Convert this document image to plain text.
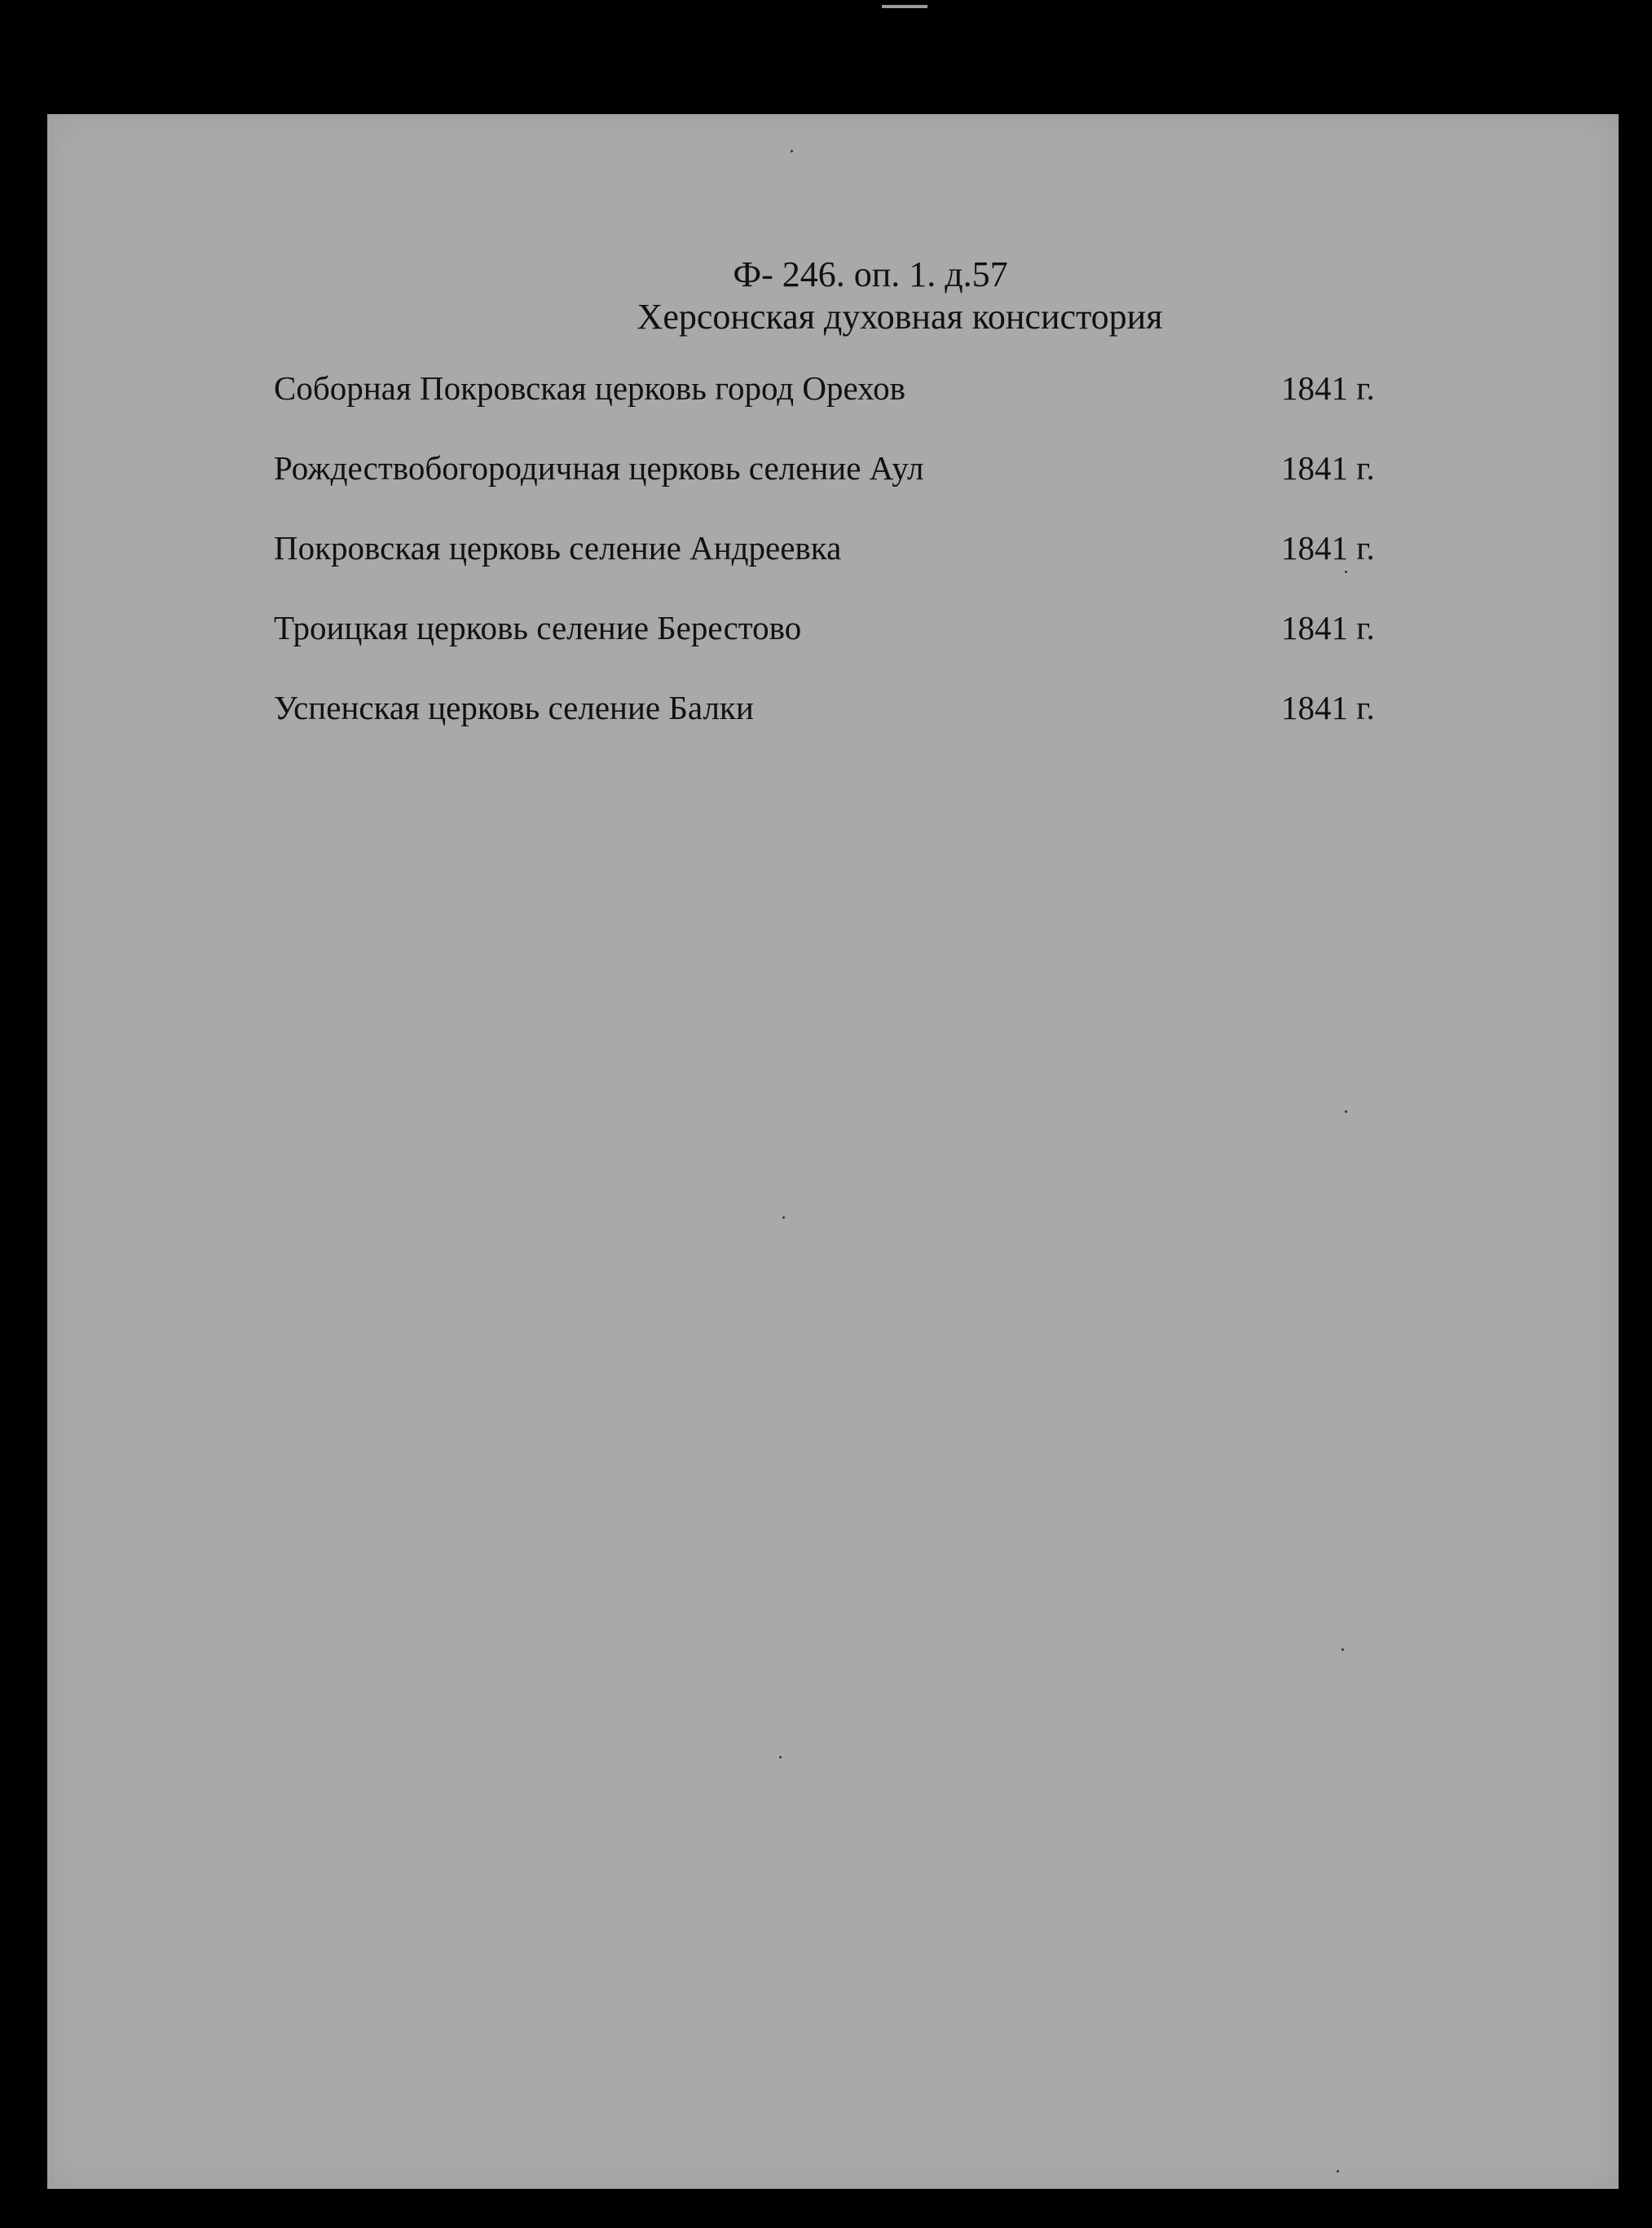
Ф- 246. оп. 1. д.57
Херсонская духовная консистория
Соборная Покровская церковь город Орехов	1841 г.
Рождествобогородичная церковь селение Аул	1841 г.
Покровская церковь селение Андреевка	1841 г.
Троицкая церковь селение Берестово	1841 г.
Успенская церковь селение Балки	1841 г.
